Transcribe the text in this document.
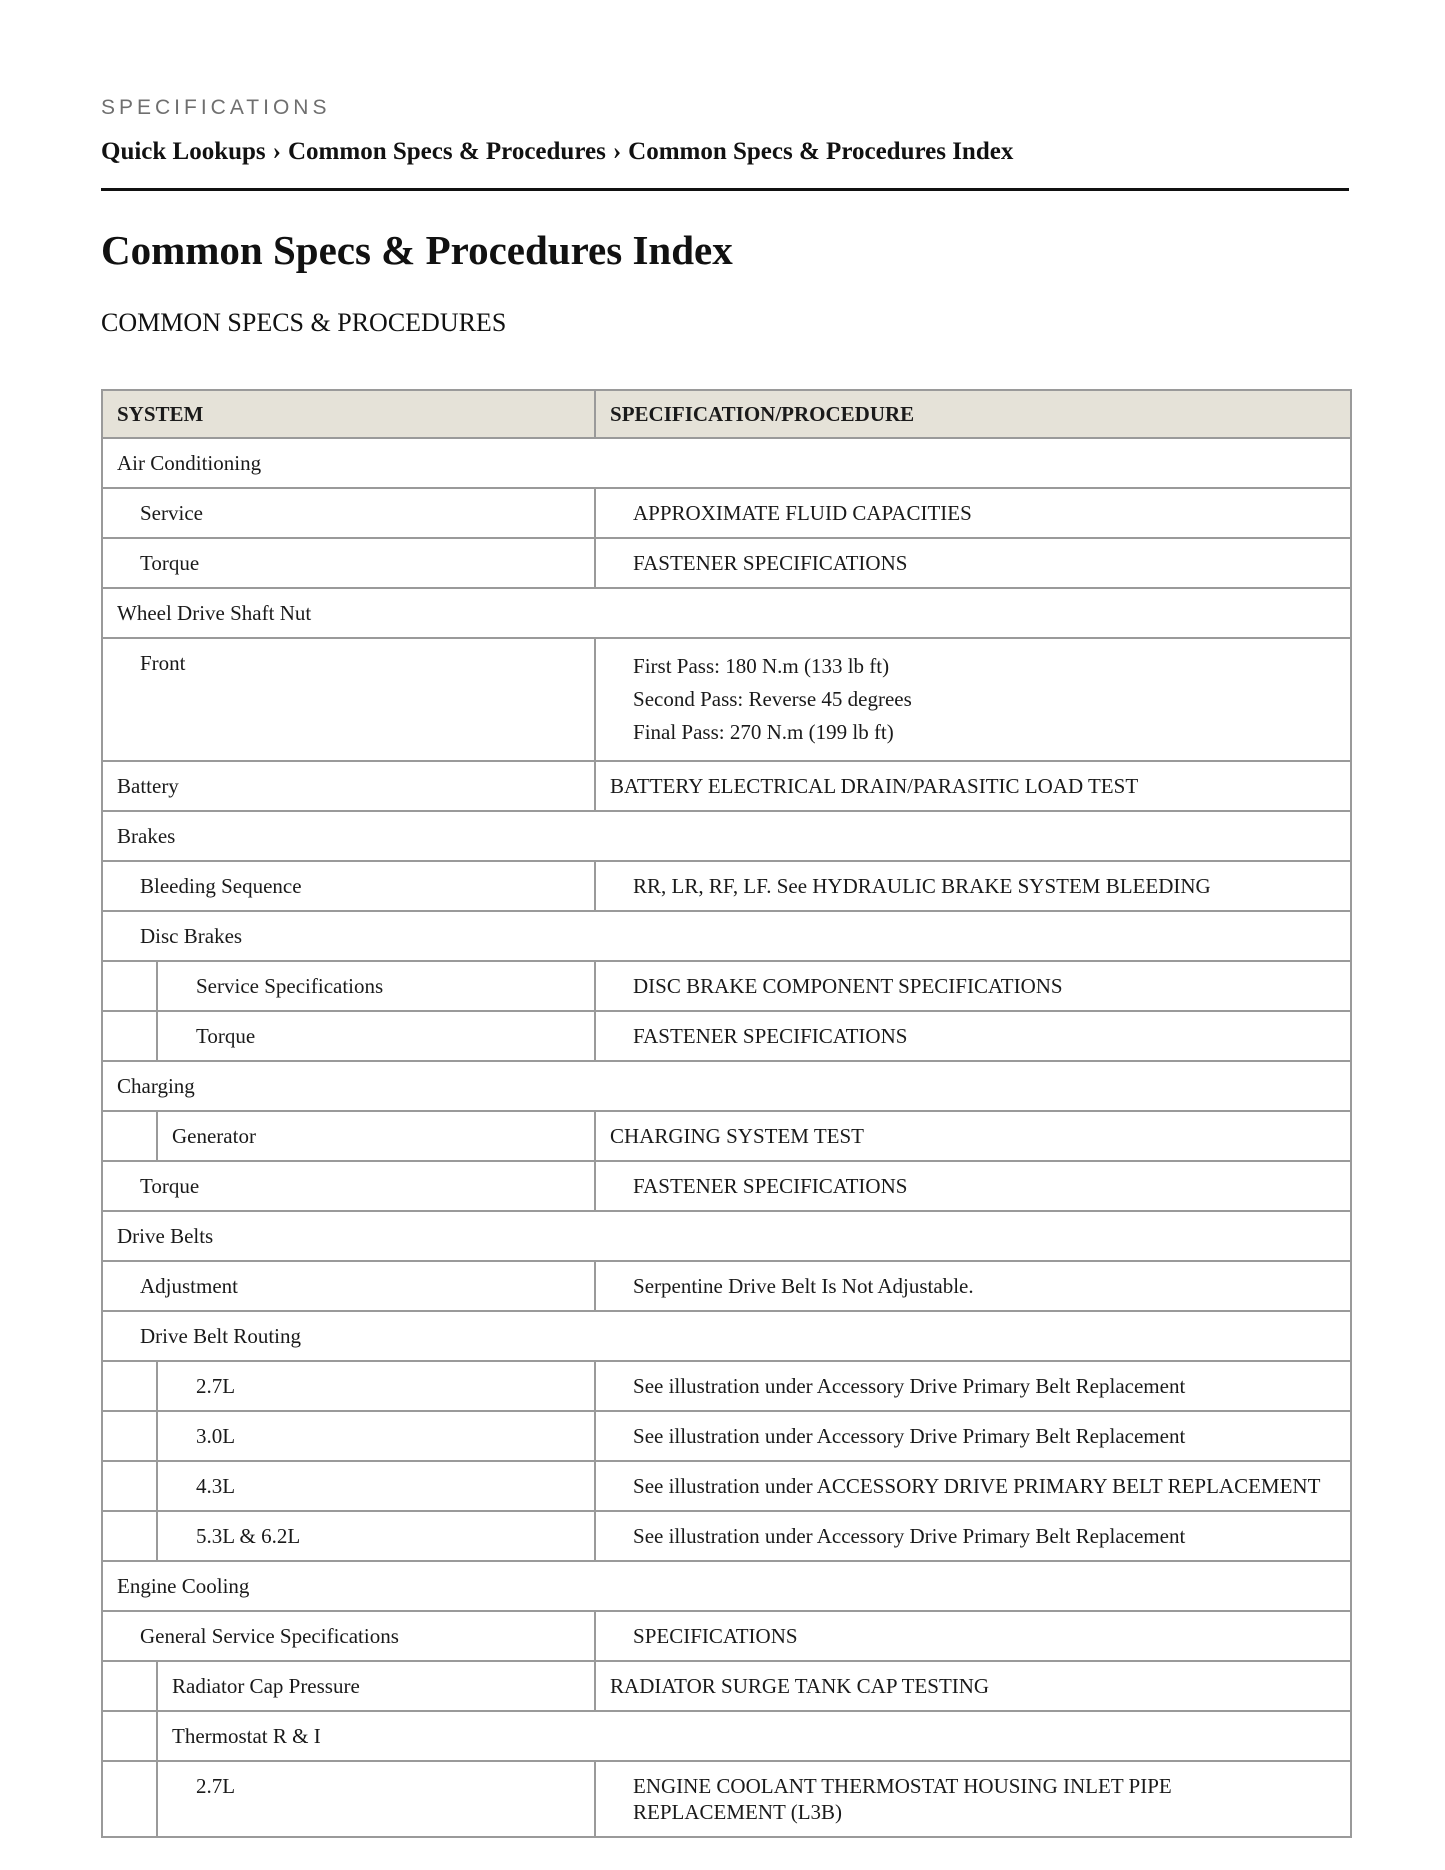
SPECIFICATIONS
Quick Lookups › Common Specs & Procedures › Common Specs & Procedures Index
Common Specs & Procedures Index
COMMON SPECS & PROCEDURES
SYSTEM		SPECIFICATION/PROCEDURE

Air Conditioning		

Service		APPROXIMATE FLUID CAPACITIES

Torque		FASTENER SPECIFICATIONS

Wheel Drive Shaft Nut		

Front		First Pass: 180 N.m (133 lb ft)
Second Pass: Reverse 45 degrees
Final Pass: 270 N.m (199 lb ft)

Battery		BATTERY ELECTRICAL DRAIN/PARASITIC LOAD TEST

Brakes		

Bleeding Sequence		RR, LR, RF, LF. See HYDRAULIC BRAKE SYSTEM BLEEDING

Disc Brakes		

	Service Specifications	DISC BRAKE COMPONENT SPECIFICATIONS

	Torque	FASTENER SPECIFICATIONS

Charging		

	Generator	CHARGING SYSTEM TEST

Torque		FASTENER SPECIFICATIONS

Drive Belts		

Adjustment		Serpentine Drive Belt Is Not Adjustable.

Drive Belt Routing		

	2.7L	See illustration under Accessory Drive Primary Belt Replacement

	3.0L	See illustration under Accessory Drive Primary Belt Replacement

	4.3L	See illustration under ACCESSORY DRIVE PRIMARY BELT REPLACEMENT

	5.3L & 6.2L	See illustration under Accessory Drive Primary Belt Replacement

Engine Cooling		

General Service Specifications		SPECIFICATIONS

	Radiator Cap Pressure	RADIATOR SURGE TANK CAP TESTING

	Thermostat R & I	

	2.7L	ENGINE COOLANT THERMOSTAT HOUSING INLET PIPE
REPLACEMENT (L3B)
